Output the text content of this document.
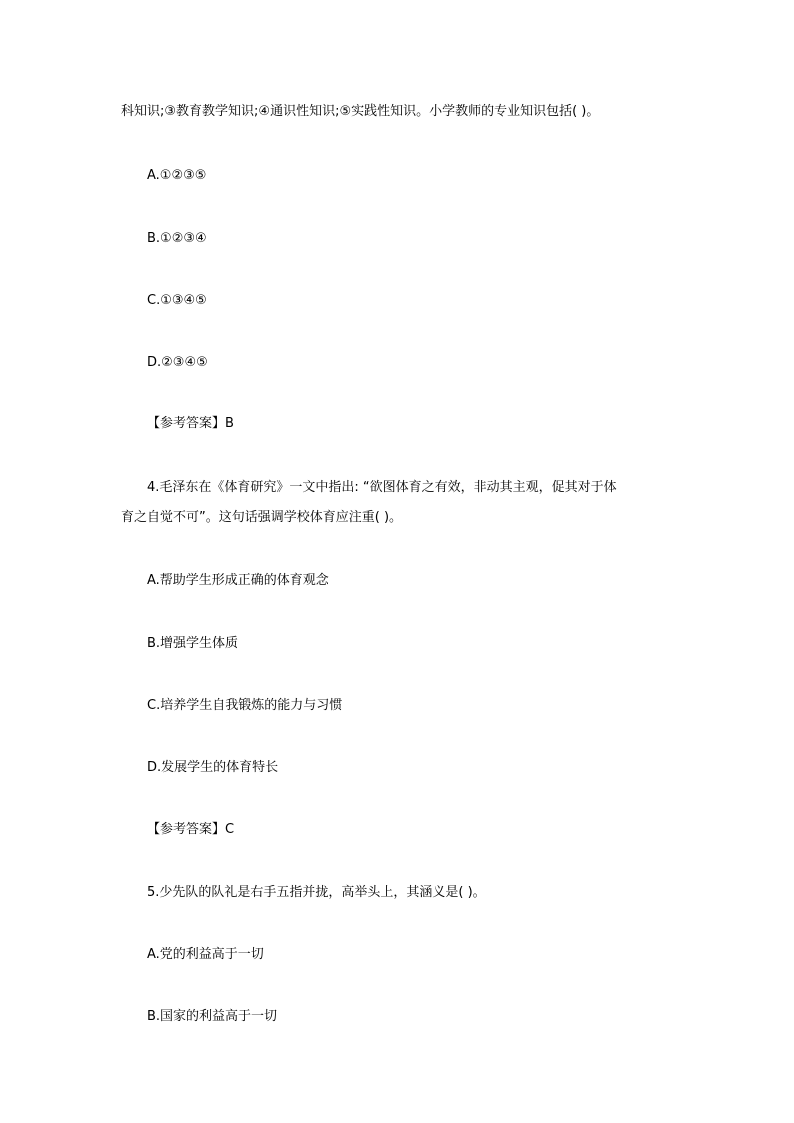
科知识;③教育教学知识;④通识性知识;⑤实践性知识。小学教师的专业知识包括( )。
A.①②③⑤
B.①②③④
C.①③④⑤
D.②③④⑤
【参考答案】B
4.毛泽东在《体育研究》一文中指出: “欲图体育之有效，非动其主观，促其对于体
育之自觉不可”。这句话强调学校体育应注重( )。
A.帮助学生形成正确的体育观念
B.增强学生体质
C.培养学生自我锻炼的能力与习惯
D.发展学生的体育特长
【参考答案】C
5.少先队的队礼是右手五指并拢，高举头上，其涵义是( )。
A.党的利益高于一切
B.国家的利益高于一切
